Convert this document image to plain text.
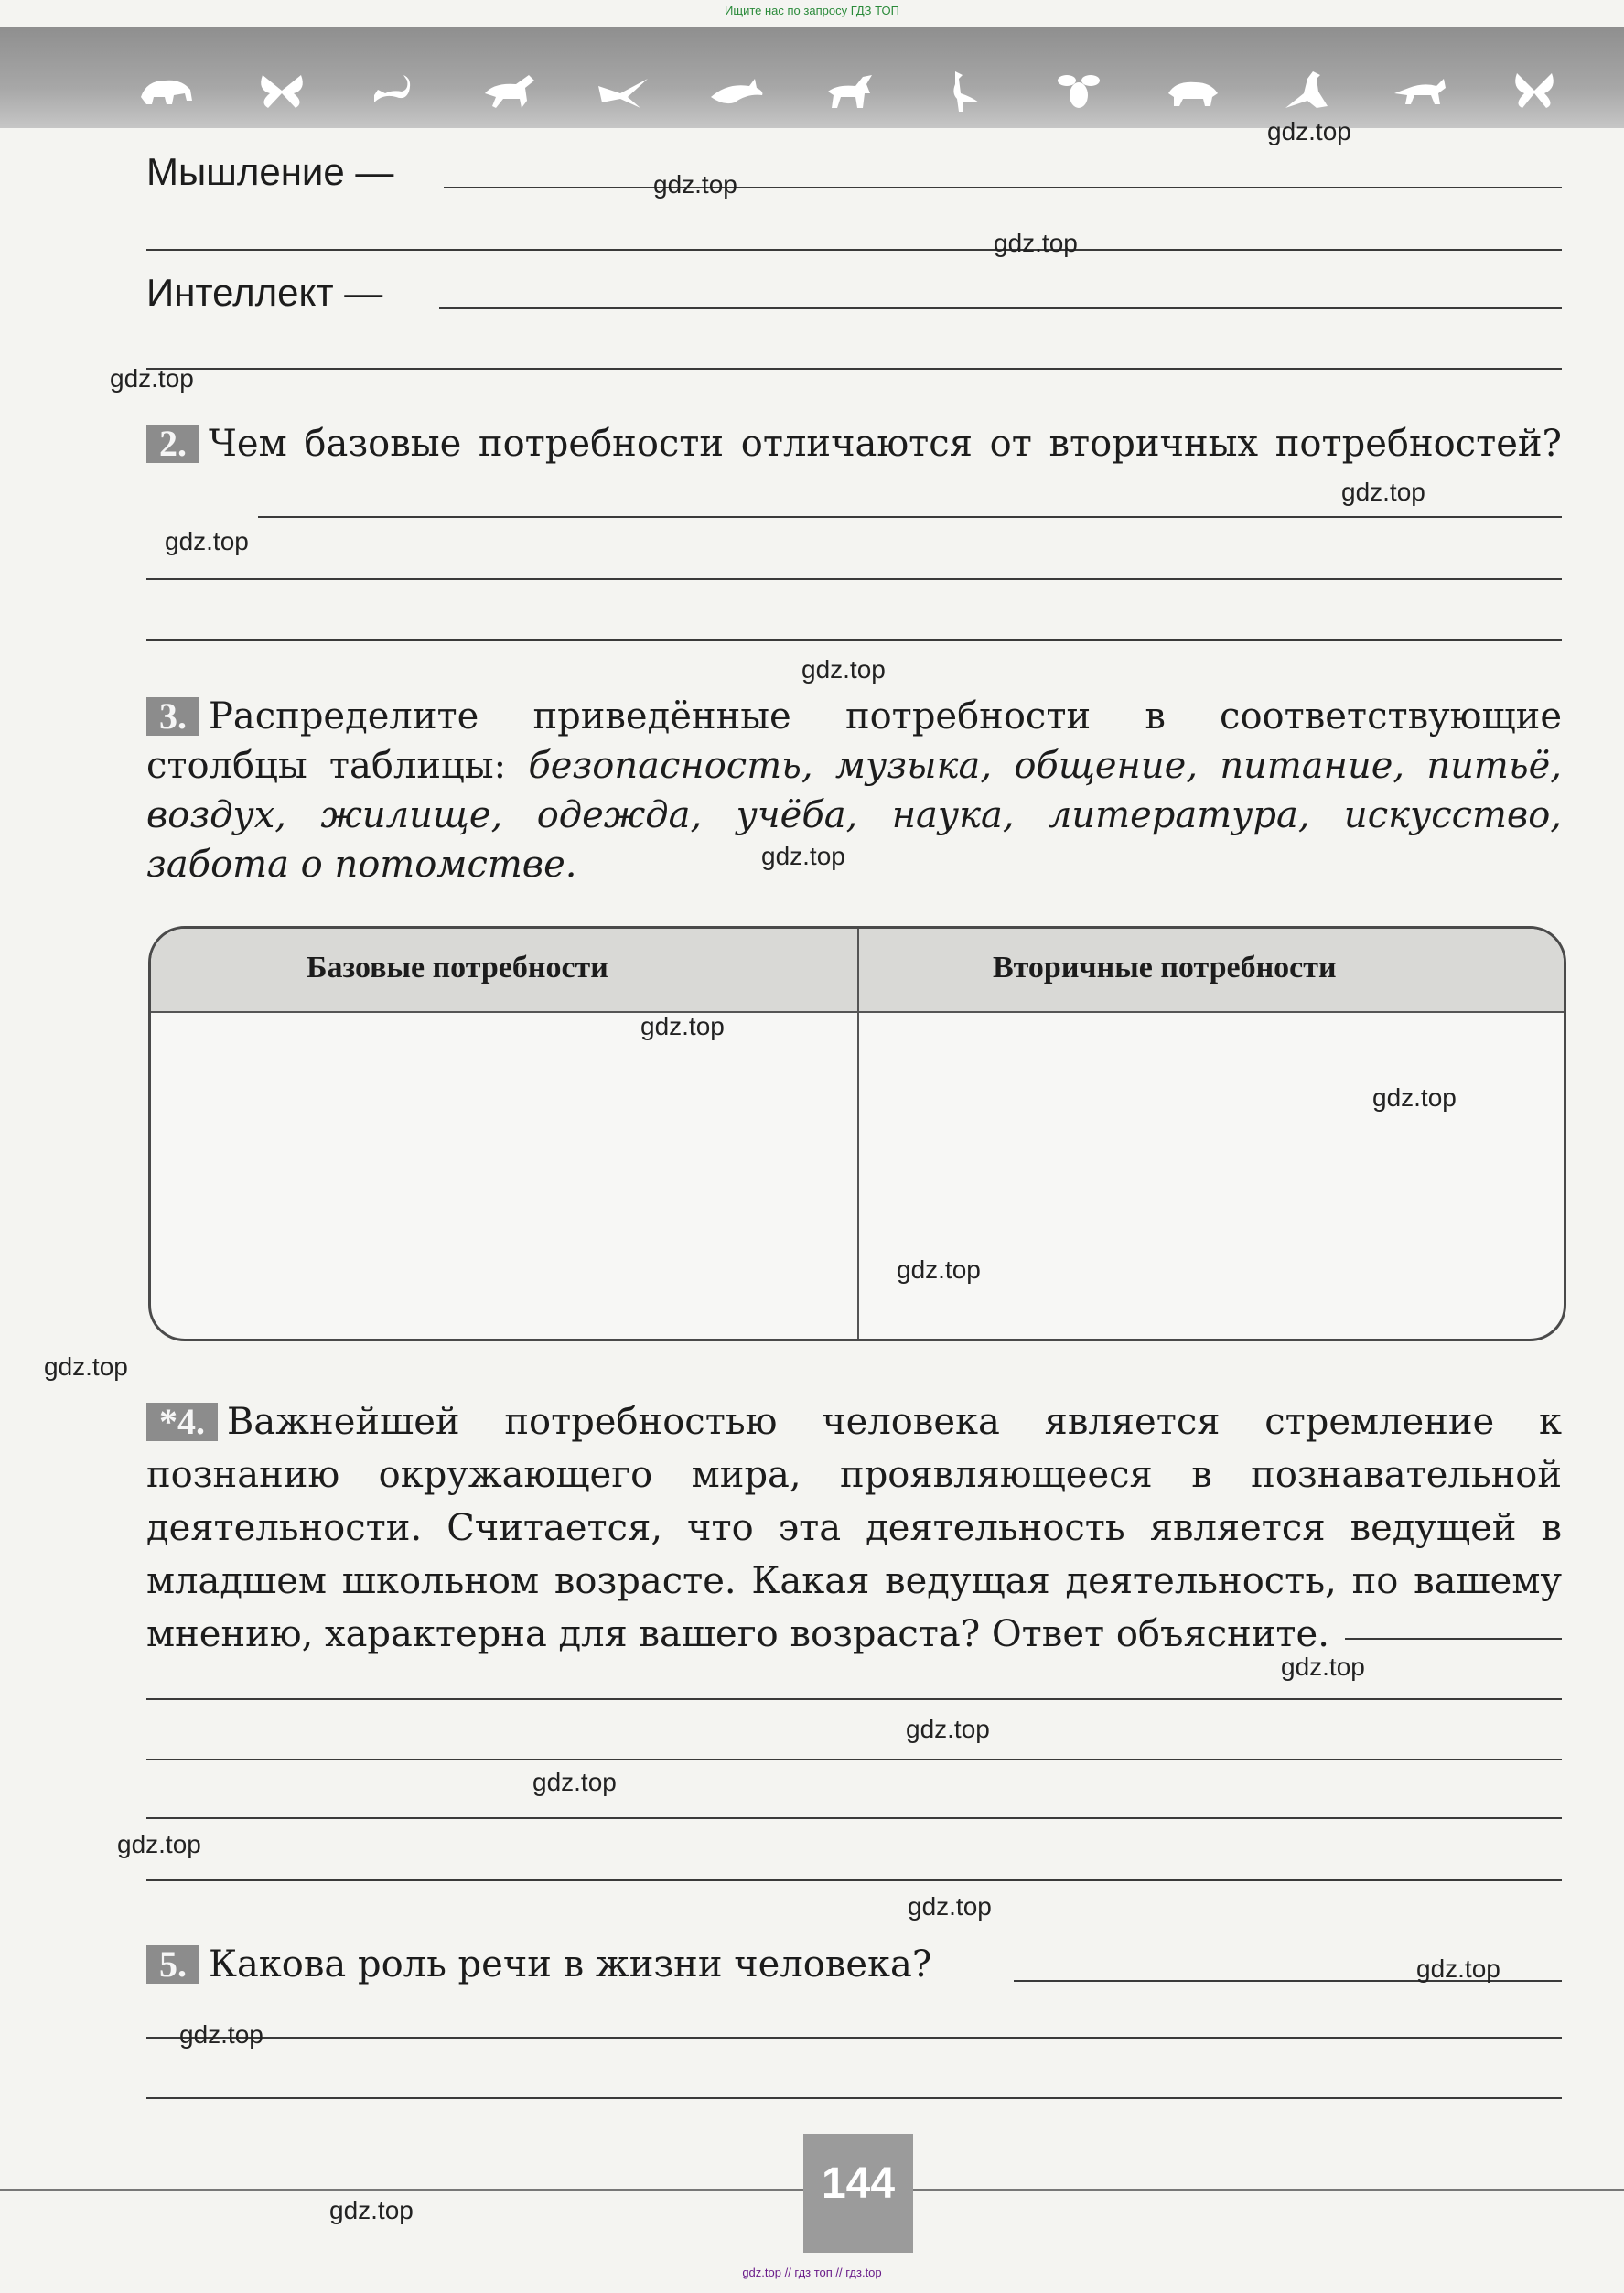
Ищите нас по запросу ГДЗ ТОП
Мышление —
Интеллект —
2. Чем базовые потребности отличаются от вторичных потребностей?
3. Распределите приведённые потребности в соответствующие столбцы таблицы: безопасность, музыка, общение, питание, питьё, воздух, жилище, одежда, учёба, наука, литература, искусство, забота о потомстве.
Базовые потребности	Вторичные потребности
*4. Важнейшей потребностью человека является стремление к познанию окружающего мира, проявляющееся в познавательной деятельности. Считается, что эта деятельность является ведущей в младшем школьном возрасте. Какая ведущая деятельность, по вашему мнению, характерна для вашего возраста? Ответ объясните.
5. Какова роль речи в жизни человека?
144
gdz.top // гдз топ // гдз.top
gdz.top
gdz.top
gdz.top
gdz.top
gdz.top
gdz.top
gdz.top
gdz.top
gdz.top
gdz.top
gdz.top
gdz.top
gdz.top
gdz.top
gdz.top
gdz.top
gdz.top
gdz.top
gdz.top
gdz.top
